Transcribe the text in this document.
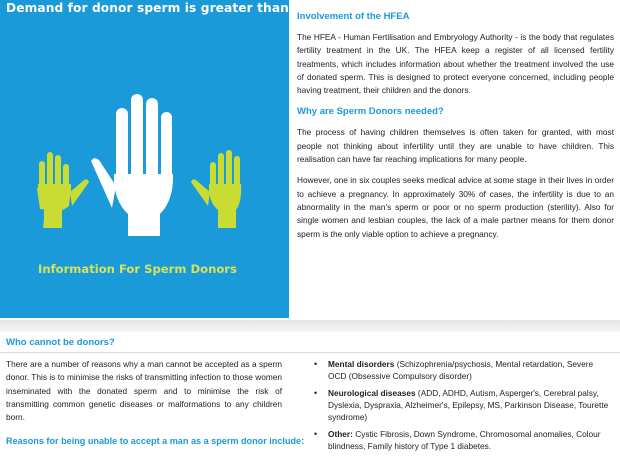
Demand for donor sperm is greater than supply
Information For Sperm Donors
Involvement of the HFEA

The HFEA - Human Fertilisation and Embryology Authority - is the body that regulates fertility treatment in the UK. The HFEA keep a register of all licensed fertility treatments, which includes information about whether the treatment involved the use of donated sperm. This is designed to protect everyone concerned, including people having treatment, their children and the donors.

Why are Sperm Donors needed?

The process of having children themselves is often taken for granted, with most people not thinking about infertility until they are unable to have children. This realisation can have far reaching implications for many people.

However, one in six couples seeks medical advice at some stage in their lives in order to achieve a pregnancy. In approximately 30% of cases, the infertility is due to an abnormality in the man's sperm or poor or no sperm production (sterility). Also for single women and lesbian couples, the lack of a male partner means for them donor sperm is the only viable option to achieve a pregnancy.

Who cannot be donors?

There are a number of reasons why a man cannot be accepted as a sperm donor. This is to minimise the risks of transmitting infection to those women inseminated with the donated sperm and to minimise the risk of transmitting common genetic diseases or malformations to any children born.

Reasons for being unable to accept a man as a sperm donor include:
• Mental disorders (Schizophrenia/psychosis, Mental retardation, Severe OCD (Obsessive Compulsory disorder)
• Neurological diseases (ADD, ADHD, Autism, Asperger's, Cerebral palsy, Dyslexia, Dyspraxia, Alzheimer's, Epilepsy, MS, Parkinson Disease, Tourette syndrome)
• Other: Cystic Fibrosis, Down Syndrome, Chromosomal anomalies, Colour blindness, Family history of Type 1 diabetes.
